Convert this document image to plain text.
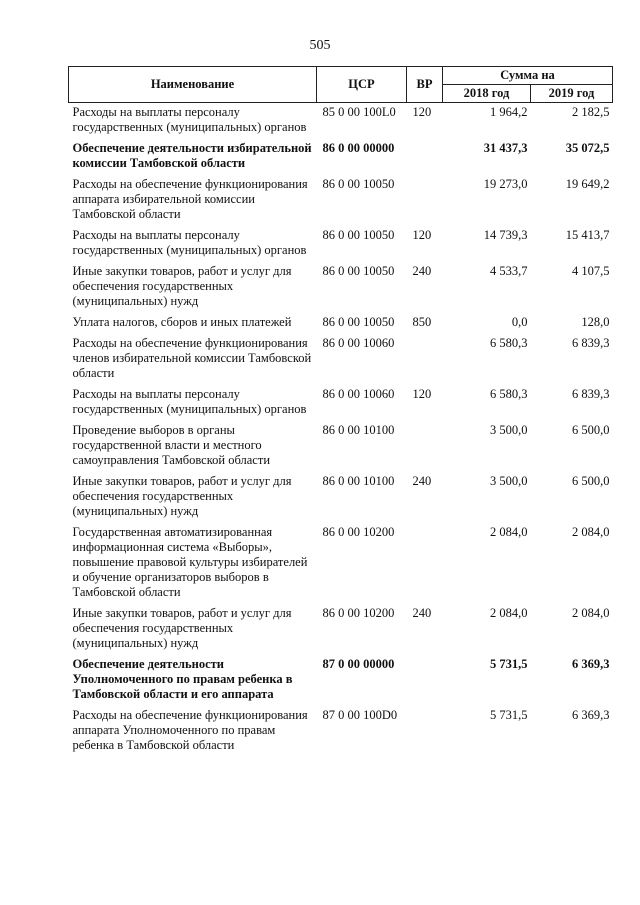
505
Наименование	ЦСР	ВР	Сумма на	
			2018 год	2019 год
Расходы на выплаты персоналу государственных (муниципальных) органов	85 0 00 100L0	120	1 964,2	2 182,5
Обеспечение деятельности избирательной комиссии Тамбовской области	86 0 00 00000		31 437,3	35 072,5
Расходы на обеспечение функционирования аппарата избирательной комиссии Тамбовской области	86 0 00 10050		19 273,0	19 649,2
Расходы на выплаты персоналу государственных (муниципальных) органов	86 0 00 10050	120	14 739,3	15 413,7
Иные закупки товаров, работ и услуг для обеспечения государственных (муниципальных) нужд	86 0 00 10050	240	4 533,7	4 107,5
Уплата налогов, сборов и иных платежей	86 0 00 10050	850	0,0	128,0
Расходы на обеспечение функционирования членов избирательной комиссии Тамбовской области	86 0 00 10060		6 580,3	6 839,3
Расходы на выплаты персоналу государственных (муниципальных) органов	86 0 00 10060	120	6 580,3	6 839,3
Проведение выборов в органы государственной власти и местного самоуправления Тамбовской области	86 0 00 10100		3 500,0	6 500,0
Иные закупки товаров, работ и услуг для обеспечения государственных (муниципальных) нужд	86 0 00 10100	240	3 500,0	6 500,0
Государственная автоматизированная информационная система «Выборы», повышение правовой культуры избирателей и обучение организаторов выборов в Тамбовской области	86 0 00 10200		2 084,0	2 084,0
Иные закупки товаров, работ и услуг для обеспечения государственных (муниципальных) нужд	86 0 00 10200	240	2 084,0	2 084,0
Обеспечение деятельности Уполномоченного по правам ребенка в Тамбовской области и его аппарата	87 0 00 00000		5 731,5	6 369,3
Расходы на обеспечение функционирования аппарата Уполномоченного по правам ребенка в Тамбовской области	87 0 00 100D0		5 731,5	6 369,3
